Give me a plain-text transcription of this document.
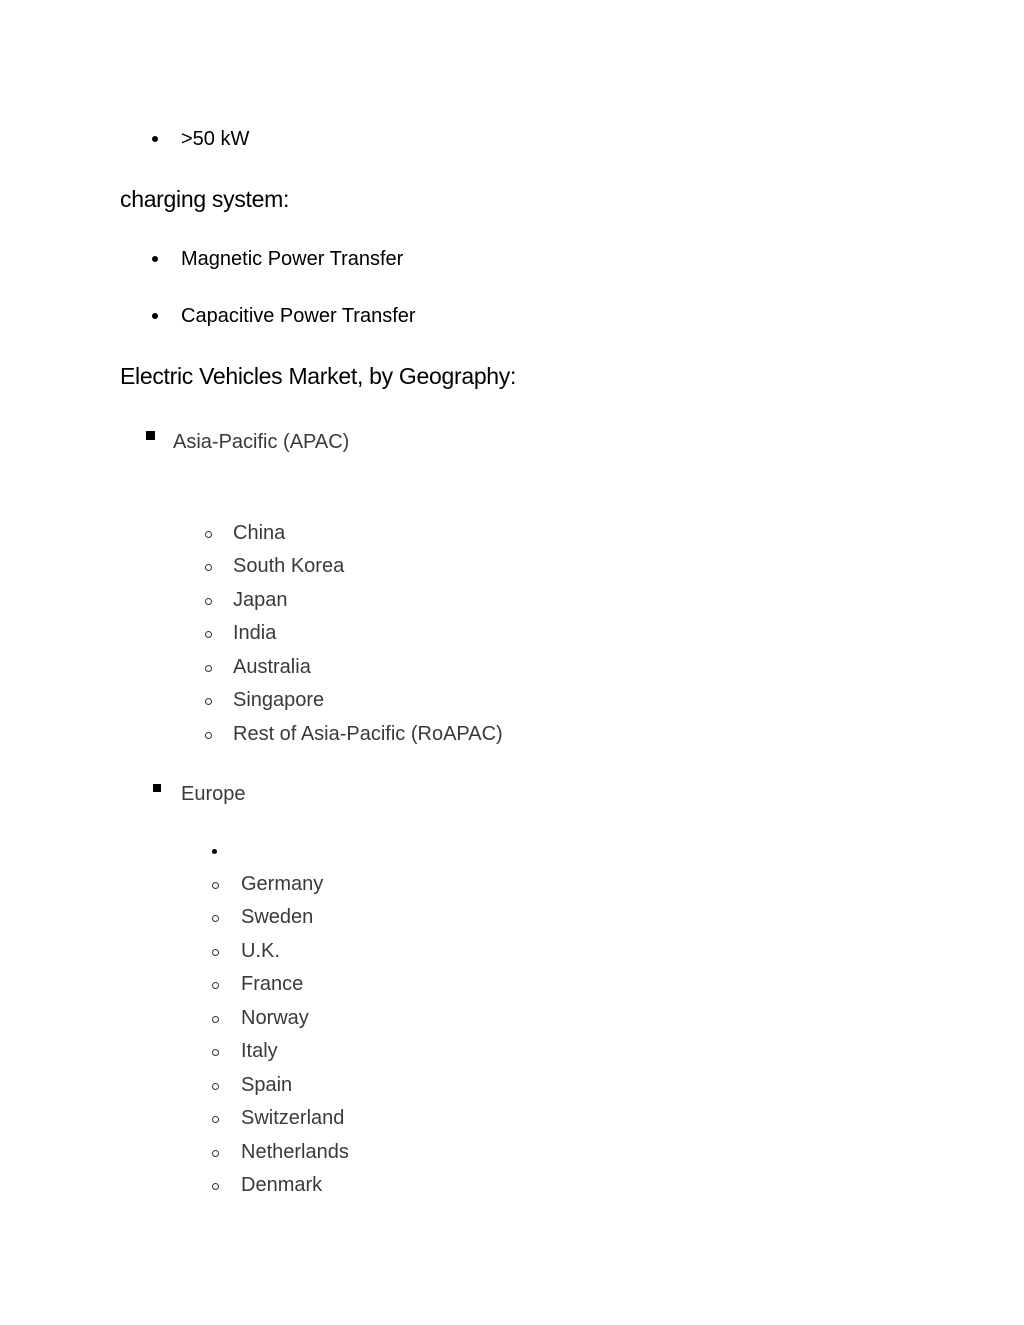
>50 kW
charging system:
Magnetic Power Transfer
Capacitive Power Transfer
Electric Vehicles Market, by Geography:
Asia-Pacific (APAC)
China
South Korea
Japan
India
Australia
Singapore
Rest of Asia-Pacific (RoAPAC)
Europe
Germany
Sweden
U.K.
France
Norway
Italy
Spain
Switzerland
Netherlands
Denmark
